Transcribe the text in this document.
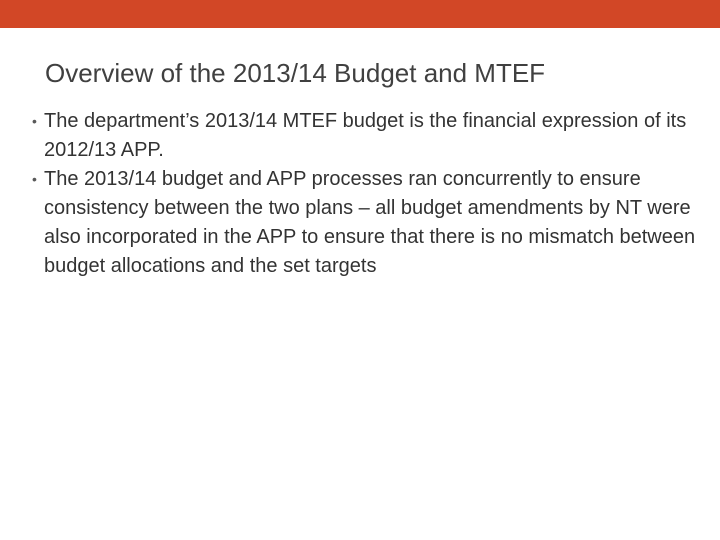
Overview of the 2013/14 Budget and MTEF
• The department’s 2013/14 MTEF budget is the financial expression of its 2012/13 APP.
• The 2013/14 budget and APP processes ran concurrently to ensure consistency between the two plans – all budget amendments by NT were also incorporated in the APP to ensure that there is no mismatch between budget allocations and the set targets
